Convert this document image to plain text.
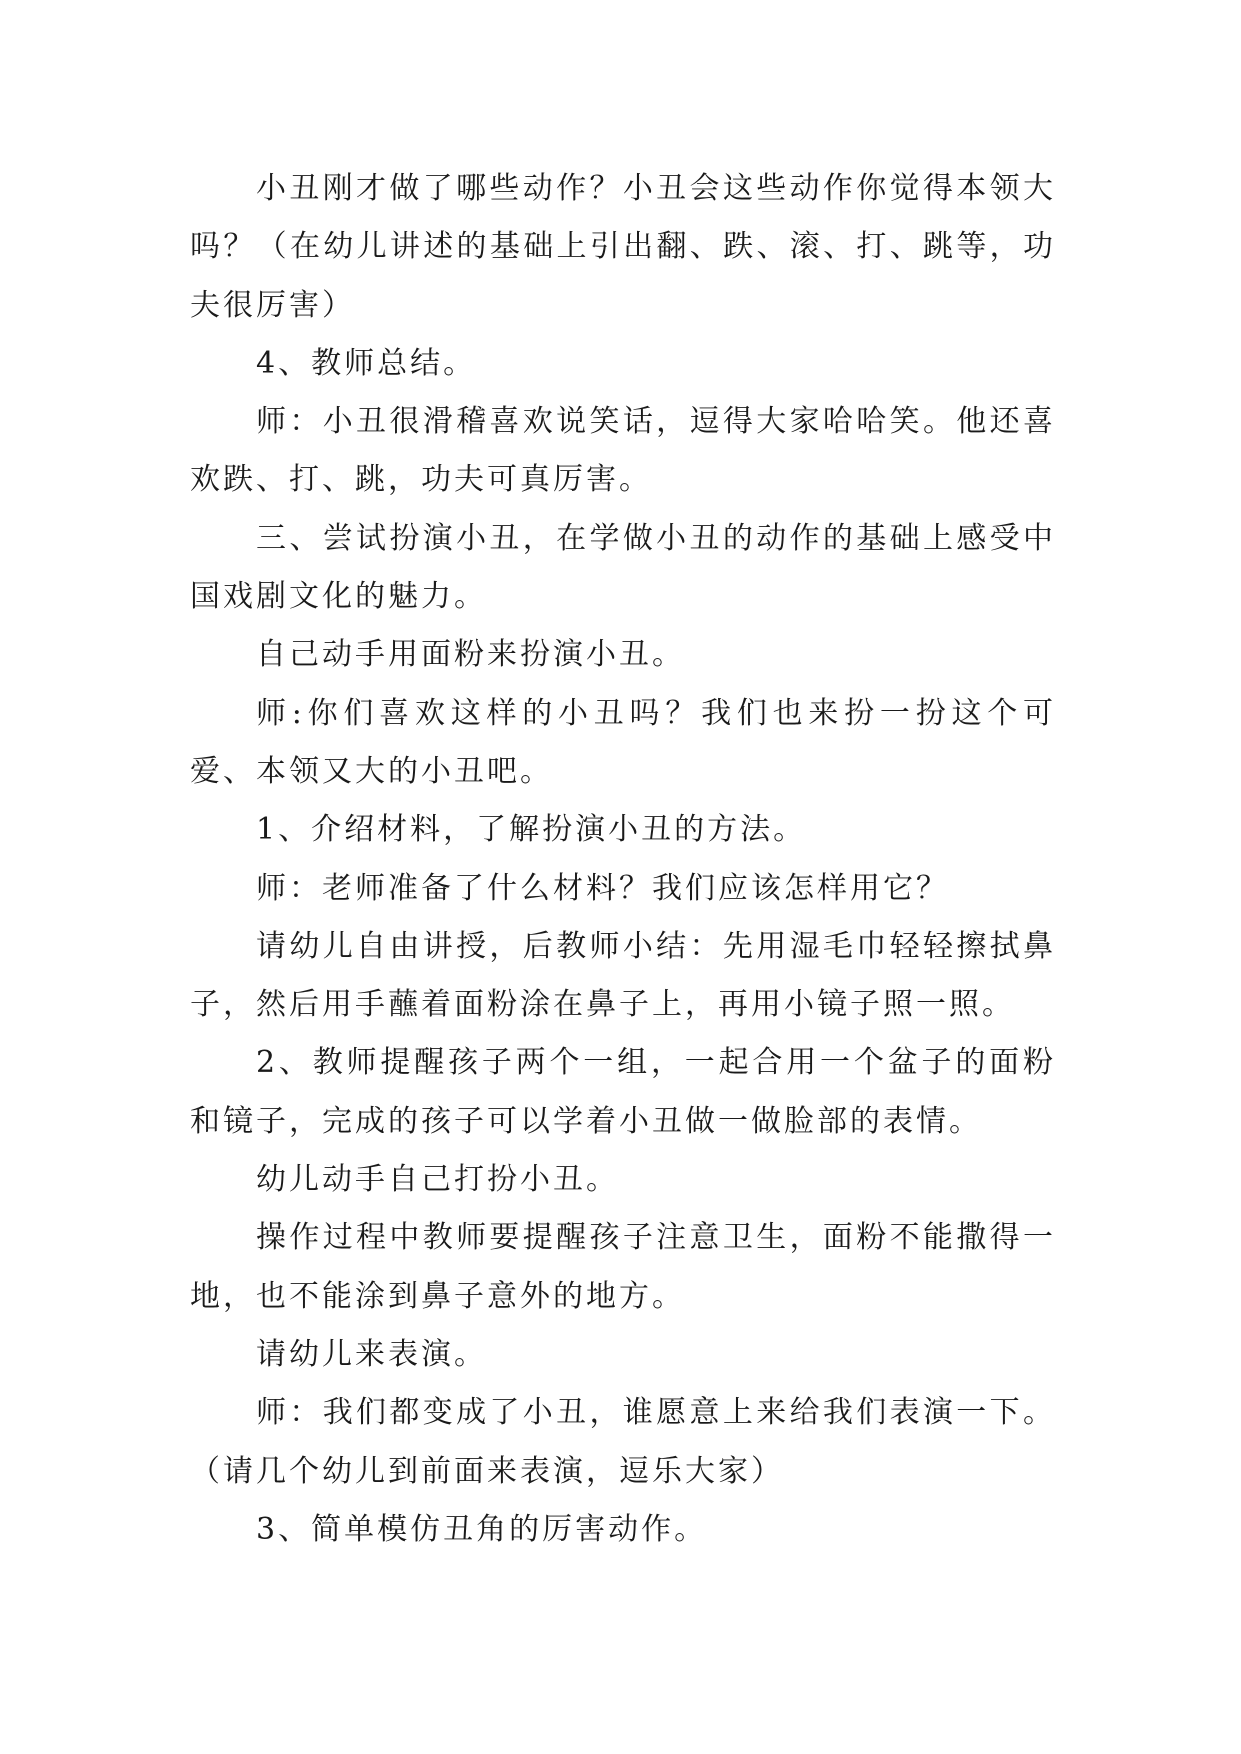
小丑刚才做了哪些动作？小丑会这些动作你觉得本领大吗？（在幼儿讲述的基础上引出翻、跌、滚、打、跳等，功夫很厉害）

4、教师总结。

师：小丑很滑稽喜欢说笑话，逗得大家哈哈笑。他还喜欢跌、打、跳，功夫可真厉害。

三、尝试扮演小丑，在学做小丑的动作的基础上感受中国戏剧文化的魅力。

自己动手用面粉来扮演小丑。

师:你们喜欢这样的小丑吗？我们也来扮一扮这个可爱、本领又大的小丑吧。

1、介绍材料，了解扮演小丑的方法。

师：老师准备了什么材料？我们应该怎样用它？

请幼儿自由讲授，后教师小结：先用湿毛巾轻轻擦拭鼻子，然后用手蘸着面粉涂在鼻子上，再用小镜子照一照。

2、教师提醒孩子两个一组，一起合用一个盆子的面粉和镜子，完成的孩子可以学着小丑做一做脸部的表情。

幼儿动手自己打扮小丑。

操作过程中教师要提醒孩子注意卫生，面粉不能撒得一地，也不能涂到鼻子意外的地方。

请幼儿来表演。

师：我们都变成了小丑，谁愿意上来给我们表演一下。（请几个幼儿到前面来表演，逗乐大家）

3、简单模仿丑角的厉害动作。
